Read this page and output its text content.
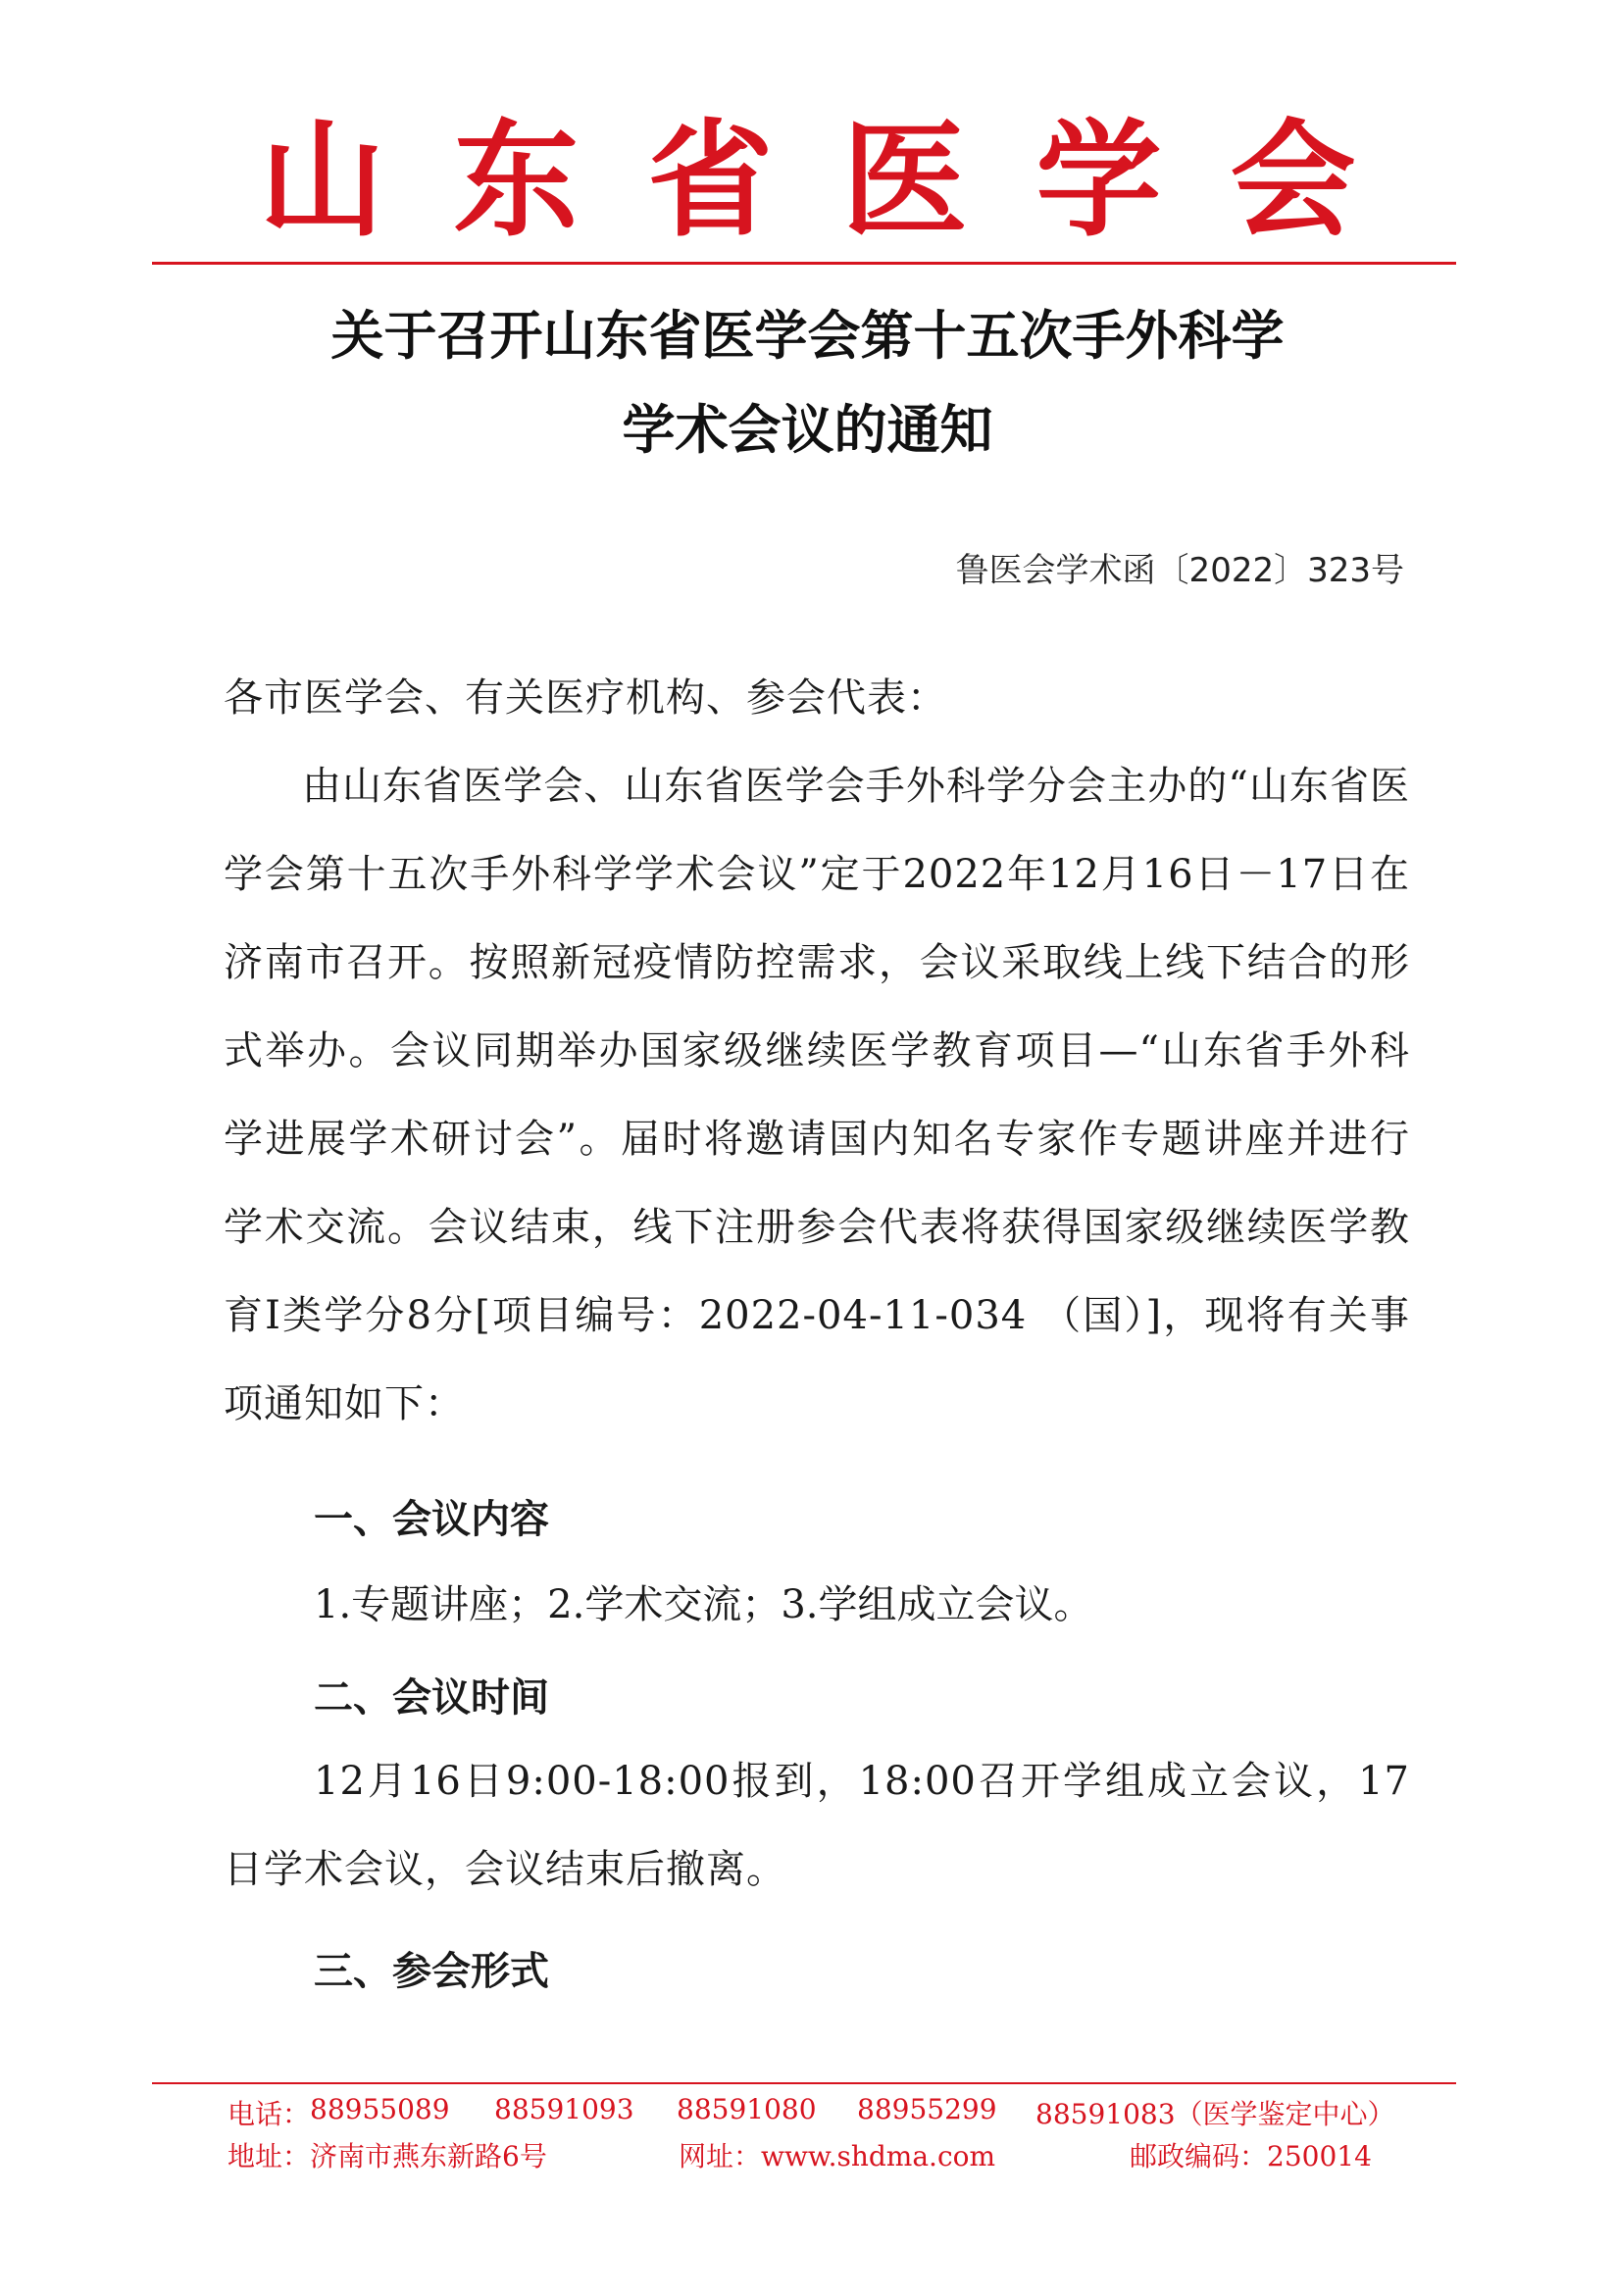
山东省医学会
关于召开山东省医学会第十五次手外科学
学术会议的通知
鲁医会学术函〔2022〕323号
各市医学会、有关医疗机构、参会代表：
由山东省医学会、山东省医学会手外科学分会主办的“山东省医学会第十五次手外科学学术会议”定于2022年12月16日－17日在济南市召开。按照新冠疫情防控需求，会议采取线上线下结合的形式举办。会议同期举办国家级继续医学教育项目—“山东省手外科学进展学术研讨会”。届时将邀请国内知名专家作专题讲座并进行学术交流。会议结束，线下注册参会代表将获得国家级继续医学教育Ⅰ类学分8分[项目编号：2022-04-11-034 （国）]，现将有关事项通知如下：
一、会议内容
1.专题讲座；2.学术交流；3.学组成立会议。
二、会议时间
12月16日9:00-18:00报到，18:00召开学组成立会议，17日学术会议，会议结束后撤离。
三、参会形式
电话： 88955089 88591093 88591080 88955299 88591083（医学鉴定中心）
地址：济南市燕东新路6号	网址：www.shdma.com	邮政编码：250014
